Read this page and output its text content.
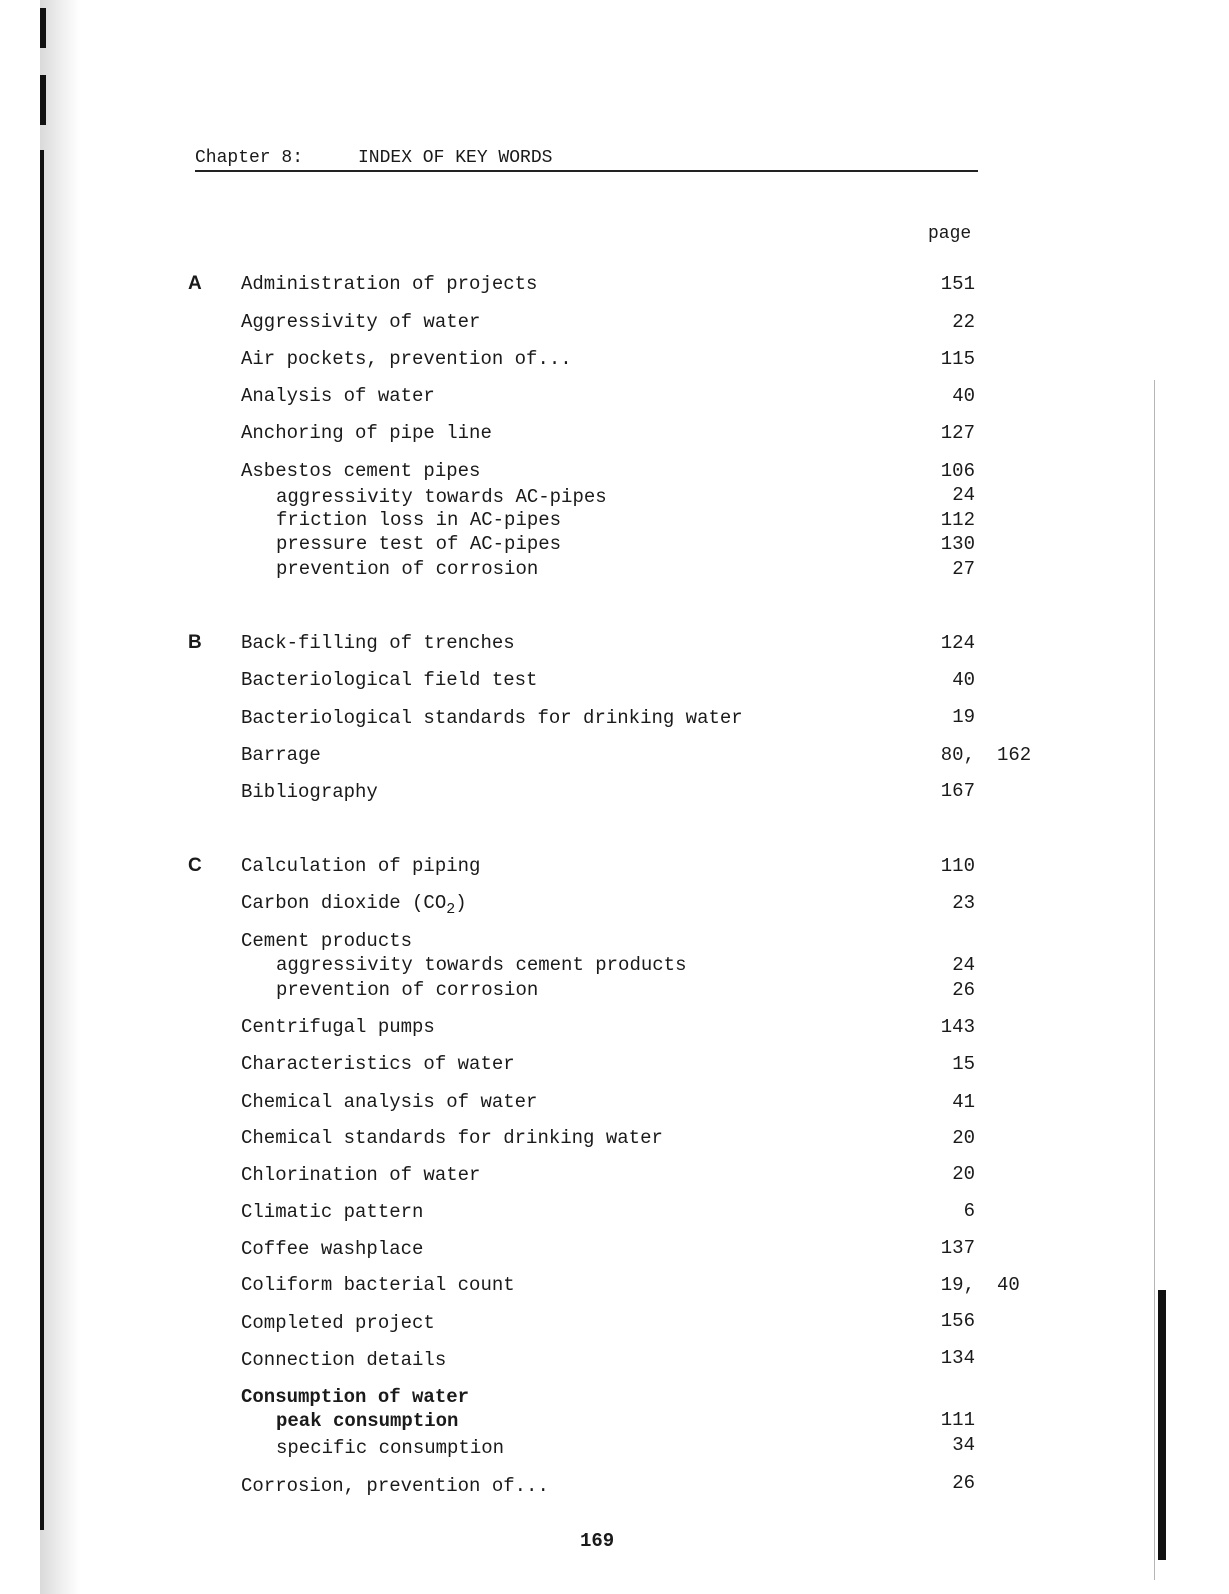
Chapter 8:	INDEX OF KEY WORDS
page
A Administration of projects	151
Aggressivity of water	22
Air pockets, prevention of...	115
Analysis of water	40
Anchoring of pipe line	127
Asbestos cement pipes	106
aggressivity towards AC-pipes	24
friction loss in AC-pipes	112
pressure test of AC-pipes	130
prevention of corrosion	27
B Back-filling of trenches	124
Bacteriological field test	40
Bacteriological standards for drinking water	19
Barrage	80, 162
Bibliography	167
C Calculation of piping	110
Carbon dioxide $(CO_2)$	23
Cement products
aggressivity towards cement products	24
prevention of corrosion	26
Centrifugal pumps	143
Characteristics of water	15
Chemical analysis of water	41
Chemical standards for drinking water	20
Chlorination of water	20
Climatic pattern	6
Coffee washplace	137
Coliform bacterial count	19, 40
Completed project	156
Connection details	134
Consumption of water
peak consumption	111
specific consumption	34
Corrosion, prevention of...	26
169
